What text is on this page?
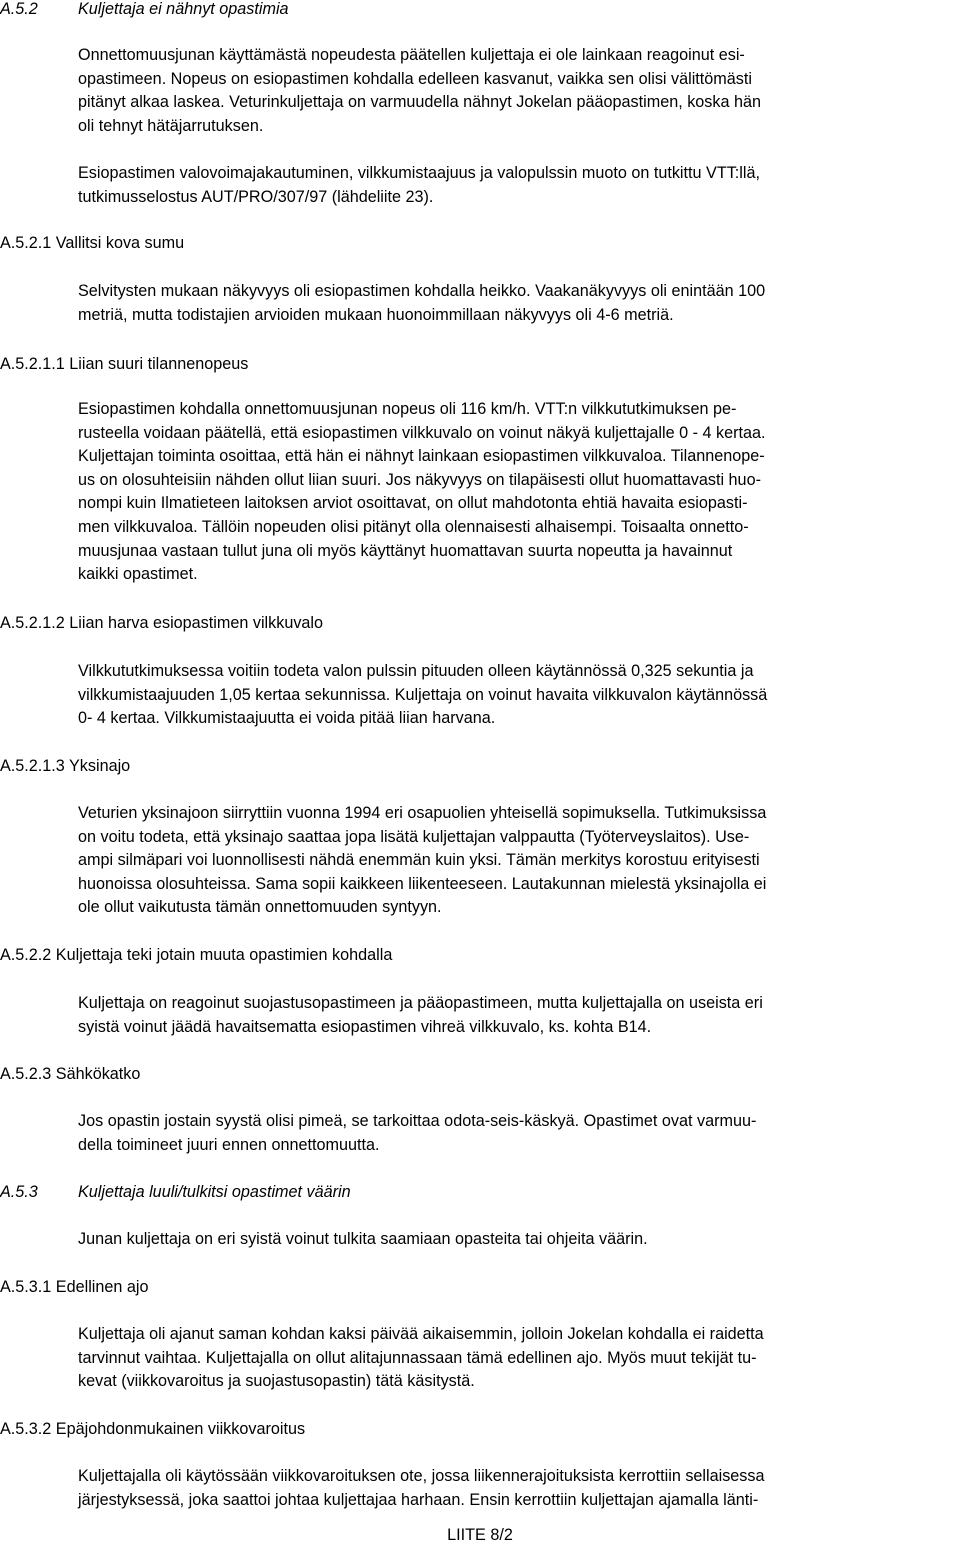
A.5.2 Kuljettaja ei nähnyt opastimia
Onnettomuusjunan käyttämästä nopeudesta päätellen kuljettaja ei ole lainkaan reagoinut esi-
opastimeen. Nopeus on esiopastimen kohdalla edelleen kasvanut, vaikka sen olisi välittömästi
pitänyt alkaa laskea. Veturinkuljettaja on varmuudella nähnyt Jokelan pääopastimen, koska hän
oli tehnyt hätäjarrutuksen.
Esiopastimen valovoimajakautuminen, vilkkumistaajuus ja valopulssin muoto on tutkittu VTT:llä,
tutkimusselostus AUT/PRO/307/97 (lähdeliite 23).
A.5.2.1 Vallitsi kova sumu
Selvitysten mukaan näkyvyys oli esiopastimen kohdalla heikko. Vaakanäkyvyys oli enintään 100
metriä, mutta todistajien arvioiden mukaan huonoimmillaan näkyvyys oli 4-6 metriä.
A.5.2.1.1 Liian suuri tilannenopeus
Esiopastimen kohdalla onnettomuusjunan nopeus oli 116 km/h. VTT:n vilkkututkimuksen pe-
rusteella voidaan päätellä, että esiopastimen vilkkuvalo on voinut näkyä kuljettajalle 0 - 4 kertaa.
Kuljettajan toiminta osoittaa, että hän ei nähnyt lainkaan esiopastimen vilkkuvaloa. Tilannenope-
us on olosuhteisiin nähden ollut liian suuri. Jos näkyvyys on tilapäisesti ollut huomattavasti huo-
nompi kuin Ilmatieteen laitoksen arviot osoittavat, on ollut mahdotonta ehtiä havaita esiopasti-
men vilkkuvaloa. Tällöin nopeuden olisi pitänyt olla olennaisesti alhaisempi. Toisaalta onnetto-
muusjunaa vastaan tullut juna oli myös käyttänyt huomattavan suurta nopeutta ja havainnut
kaikki opastimet.
A.5.2.1.2 Liian harva esiopastimen vilkkuvalo
Vilkkututkimuksessa voitiin todeta valon pulssin pituuden olleen käytännössä 0,325 sekuntia ja
vilkkumistaajuuden 1,05 kertaa sekunnissa. Kuljettaja on voinut havaita vilkkuvalon käytännössä
0- 4 kertaa. Vilkkumistaajuutta ei voida pitää liian harvana.
A.5.2.1.3 Yksinajo
Veturien yksinajoon siirryttiin vuonna 1994 eri osapuolien yhteisellä sopimuksella. Tutkimuksissa
on voitu todeta, että yksinajo saattaa jopa lisätä kuljettajan valppautta (Työterveyslaitos). Use-
ampi silmäpari voi luonnollisesti nähdä enemmän kuin yksi. Tämän merkitys korostuu erityisesti
huonoissa olosuhteissa. Sama sopii kaikkeen liikenteeseen. Lautakunnan mielestä yksinajolla ei
ole ollut vaikutusta tämän onnettomuuden syntyyn.
A.5.2.2 Kuljettaja teki jotain muuta opastimien kohdalla
Kuljettaja on reagoinut suojastusopastimeen ja pääopastimeen, mutta kuljettajalla on useista eri
syistä voinut jäädä havaitsematta esiopastimen vihreä vilkkuvalo, ks. kohta B14.
A.5.2.3 Sähkökatko
Jos opastin jostain syystä olisi pimeä, se tarkoittaa odota-seis-käskyä. Opastimet ovat varmuu-
della toimineet juuri ennen onnettomuutta.
A.5.3 Kuljettaja luuli/tulkitsi opastimet väärin
Junan kuljettaja on eri syistä voinut tulkita saamiaan opasteita tai ohjeita väärin.
A.5.3.1 Edellinen ajo
Kuljettaja oli ajanut saman kohdan kaksi päivää aikaisemmin, jolloin Jokelan kohdalla ei raidetta
tarvinnut vaihtaa. Kuljettajalla on ollut alitajunnassaan tämä edellinen ajo. Myös muut tekijät tu-
kevat (viikkovaroitus ja suojastusopastin) tätä käsitystä.
A.5.3.2 Epäjohdonmukainen viikkovaroitus
Kuljettajalla oli käytössään viikkovaroituksen ote, jossa liikennerajoituksista kerrottiin sellaisessa
järjestyksessä, joka saattoi johtaa kuljettajaa harhaan. Ensin kerrottiin kuljettajan ajamalla länti-
LIITE 8/2
